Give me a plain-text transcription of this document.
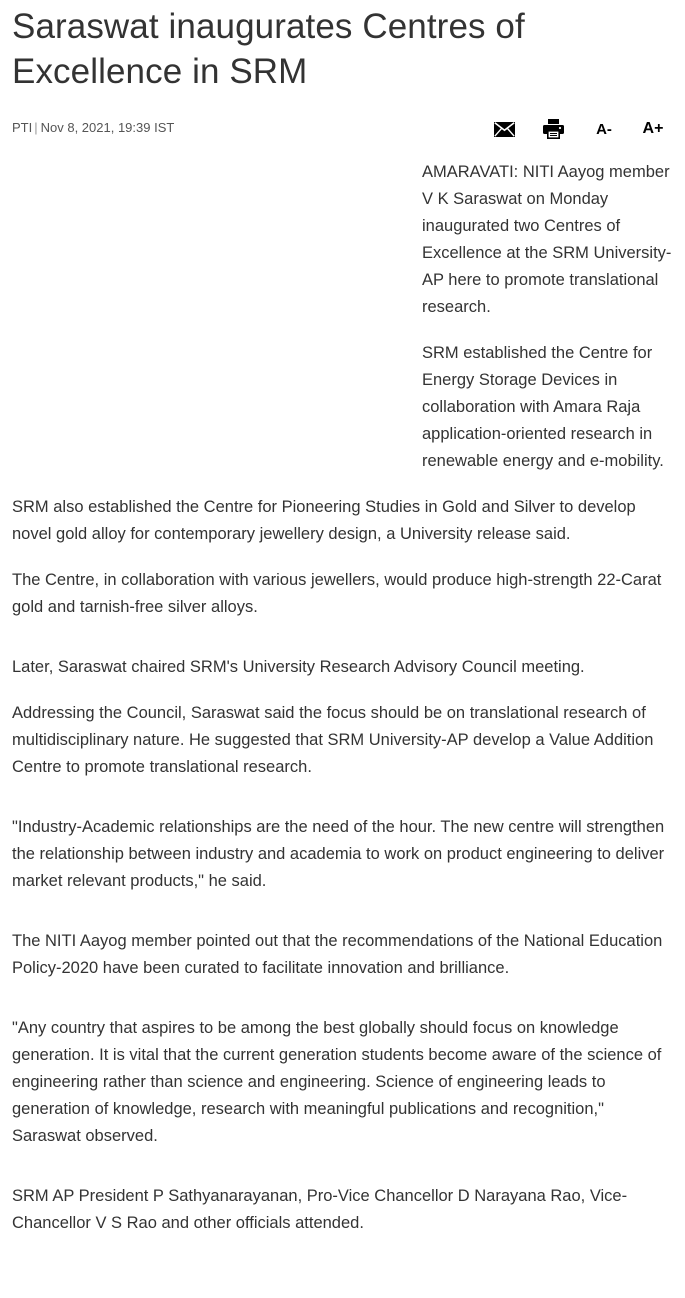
Saraswat inaugurates Centres of Excellence in SRM
PTI | Nov 8, 2021, 19:39 IST	A- A+

AMARAVATI: NITI Aayog member V K Saraswat on Monday inaugurated two Centres of Excellence at the SRM University-AP here to promote translational research.

SRM established the Centre for Energy Storage Devices in collaboration with Amara Raja application-oriented research in renewable energy and e-mobility.

SRM also established the Centre for Pioneering Studies in Gold and Silver to develop novel gold alloy for contemporary jewellery design, a University release said.

The Centre, in collaboration with various jewellers, would produce high-strength 22-Carat gold and tarnish-free silver alloys.

Later, Saraswat chaired SRM's University Research Advisory Council meeting.

Addressing the Council, Saraswat said the focus should be on translational research of multidisciplinary nature. He suggested that SRM University-AP develop a Value Addition Centre to promote translational research.

"Industry-Academic relationships are the need of the hour. The new centre will strengthen the relationship between industry and academia to work on product engineering to deliver market relevant products," he said.

The NITI Aayog member pointed out that the recommendations of the National Education Policy-2020 have been curated to facilitate innovation and brilliance.

"Any country that aspires to be among the best globally should focus on knowledge generation. It is vital that the current generation students become aware of the science of engineering rather than science and engineering. Science of engineering leads to generation of knowledge, research with meaningful publications and recognition," Saraswat observed.

SRM AP President P Sathyanarayanan, Pro-Vice Chancellor D Narayana Rao, Vice-Chancellor V S Rao and other officials attended.
